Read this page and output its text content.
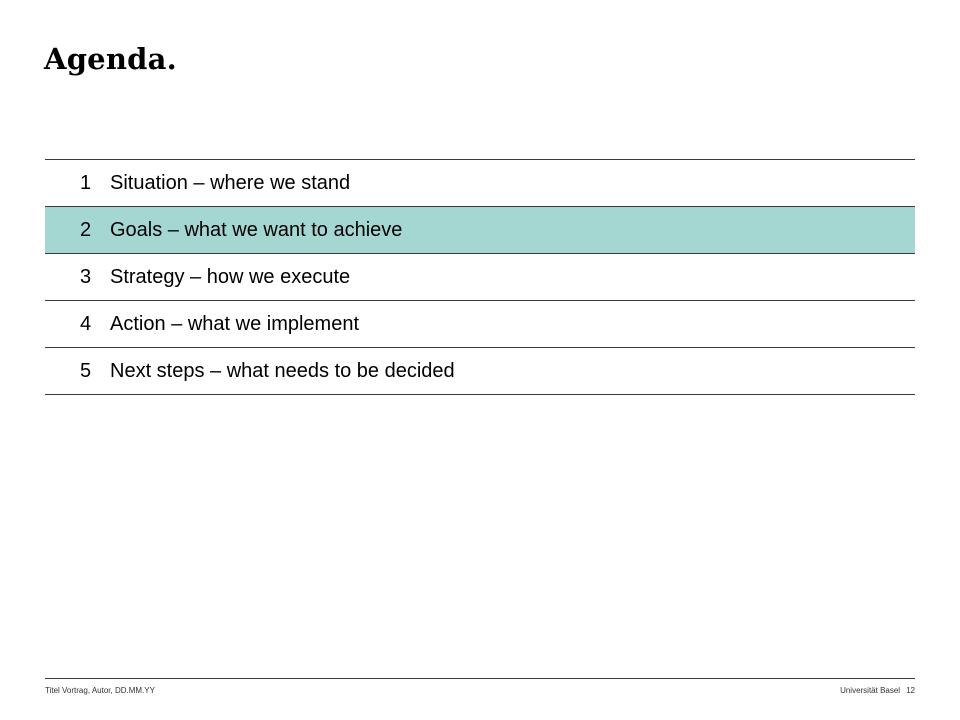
Agenda.
1 Situation – where we stand
2 Goals – what we want to achieve
3 Strategy – how we execute
4 Action – what we implement
5 Next steps – what needs to be decided
Titel Vortrag, Autor, DD.MM.YY	Universität Basel 12
